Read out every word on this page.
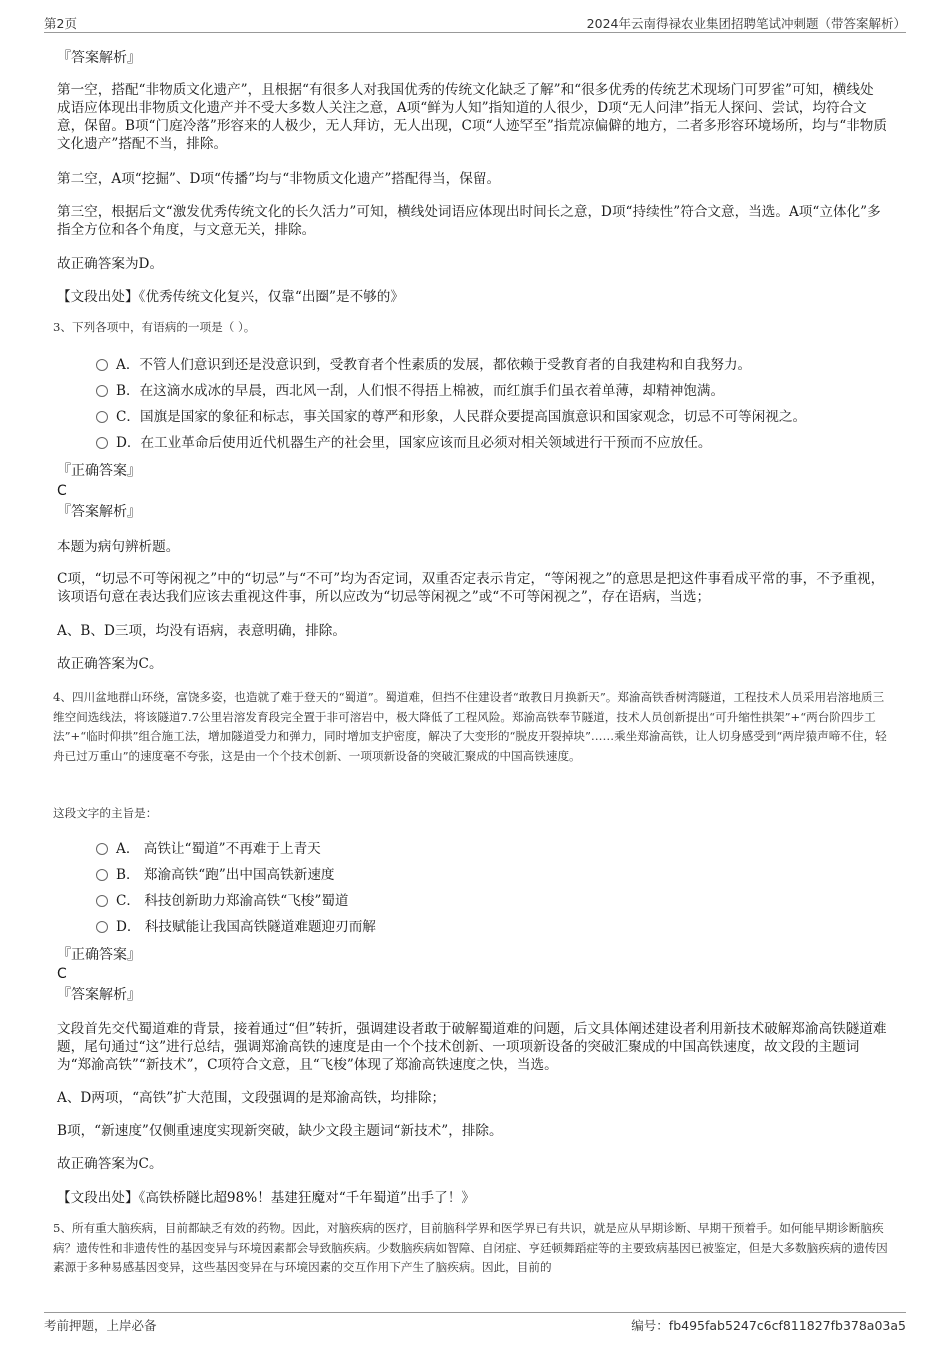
第2页	2024年云南得禄农业集团招聘笔试冲刺题（带答案解析）
『答案解析』
第一空，搭配“非物质文化遗产”，且根据“有很多人对我国优秀的传统文化缺乏了解”和“很多优秀的传统艺术现场门可罗雀”可知，横线处成语应体现出非物质文化遗产并不受大多数人关注之意，A项“鲜为人知”指知道的人很少，D项“无人问津”指无人探问、尝试，均符合文意，保留。B项“门庭冷落”形容来的人极少，无人拜访，无人出现，C项“人迹罕至”指荒凉偏僻的地方，二者多形容环境场所，均与“非物质文化遗产”搭配不当，排除。
第二空，A项“挖掘”、D项“传播”均与“非物质文化遗产”搭配得当，保留。
第三空，根据后文“激发优秀传统文化的长久活力”可知，横线处词语应体现出时间长之意，D项“持续性”符合文意，当选。A项“立体化”多指全方位和各个角度，与文意无关，排除。
故正确答案为D。
【文段出处】《优秀传统文化复兴，仅靠“出圈”是不够的》
3、下列各项中，有语病的一项是（ ）。
A．不管人们意识到还是没意识到，受教育者个性素质的发展，都依赖于受教育者的自我建构和自我努力。
B．在这滴水成冰的早晨，西北风一刮，人们恨不得捂上棉被，而红旗手们虽衣着单薄，却精神饱满。
C．国旗是国家的象征和标志，事关国家的尊严和形象，人民群众要提高国旗意识和国家观念，切忌不可等闲视之。
D．在工业革命后使用近代机器生产的社会里，国家应该而且必须对相关领域进行干预而不应放任。
『正确答案』
C
『答案解析』
本题为病句辨析题。
C项，“切忌不可等闲视之”中的“切忌”与“不可”均为否定词，双重否定表示肯定，“等闲视之”的意思是把这件事看成平常的事，不予重视，该项语句意在表达我们应该去重视这件事，所以应改为“切忌等闲视之”或“不可等闲视之”，存在语病，当选；
A、B、D三项，均没有语病，表意明确，排除。
故正确答案为C。
4、四川盆地群山环绕，富饶多姿，也造就了难于登天的“蜀道”。蜀道难，但挡不住建设者“敢教日月换新天”。郑渝高铁香树湾隧道，工程技术人员采用岩溶地质三维空间选线法，将该隧道7.7公里岩溶发育段完全置于非可溶岩中，极大降低了工程风险。郑渝高铁奉节隧道，技术人员创新提出“可升缩性拱架”+“两台阶四步工法”+“临时仰拱”组合施工法，增加隧道受力和弹力，同时增加支护密度，解决了大变形的“脱皮开裂掉块”……乘坐郑渝高铁，让人切身感受到“两岸猿声啼不住，轻舟已过万重山”的速度毫不夸张，这是由一个个技术创新、一项项新设备的突破汇聚成的中国高铁速度。
这段文字的主旨是：
A． 高铁让“蜀道”不再难于上青天
B． 郑渝高铁“跑”出中国高铁新速度
C． 科技创新助力郑渝高铁“飞梭”蜀道
D． 科技赋能让我国高铁隧道难题迎刃而解
『正确答案』
C
『答案解析』
文段首先交代蜀道难的背景，接着通过“但”转折，强调建设者敢于破解蜀道难的问题，后文具体阐述建设者利用新技术破解郑渝高铁隧道难题，尾句通过“这”进行总结，强调郑渝高铁的速度是由一个个技术创新、一项项新设备的突破汇聚成的中国高铁速度，故文段的主题词为“郑渝高铁”“新技术”，C项符合文意，且“飞梭”体现了郑渝高铁速度之快，当选。
A、D两项，“高铁”扩大范围，文段强调的是郑渝高铁，均排除；
B项，“新速度”仅侧重速度实现新突破，缺少文段主题词“新技术”，排除。
故正确答案为C。
【文段出处】《高铁桥隧比超98%！基建狂魔对“千年蜀道”出手了！》
5、所有重大脑疾病，目前都缺乏有效的药物。因此，对脑疾病的医疗，目前脑科学界和医学界已有共识，就是应从早期诊断、早期干预着手。如何能早期诊断脑疾病？遗传性和非遗传性的基因变异与环境因素都会导致脑疾病。少数脑疾病如智障、自闭症、亨廷顿舞蹈症等的主要致病基因已被鉴定，但是大多数脑疾病的遗传因素源于多种易感基因变异，这些基因变异在与环境因素的交互作用下产生了脑疾病。因此，目前的
考前押题，上岸必备	编号：fb495fab5247c6cf811827fb378a03a5
